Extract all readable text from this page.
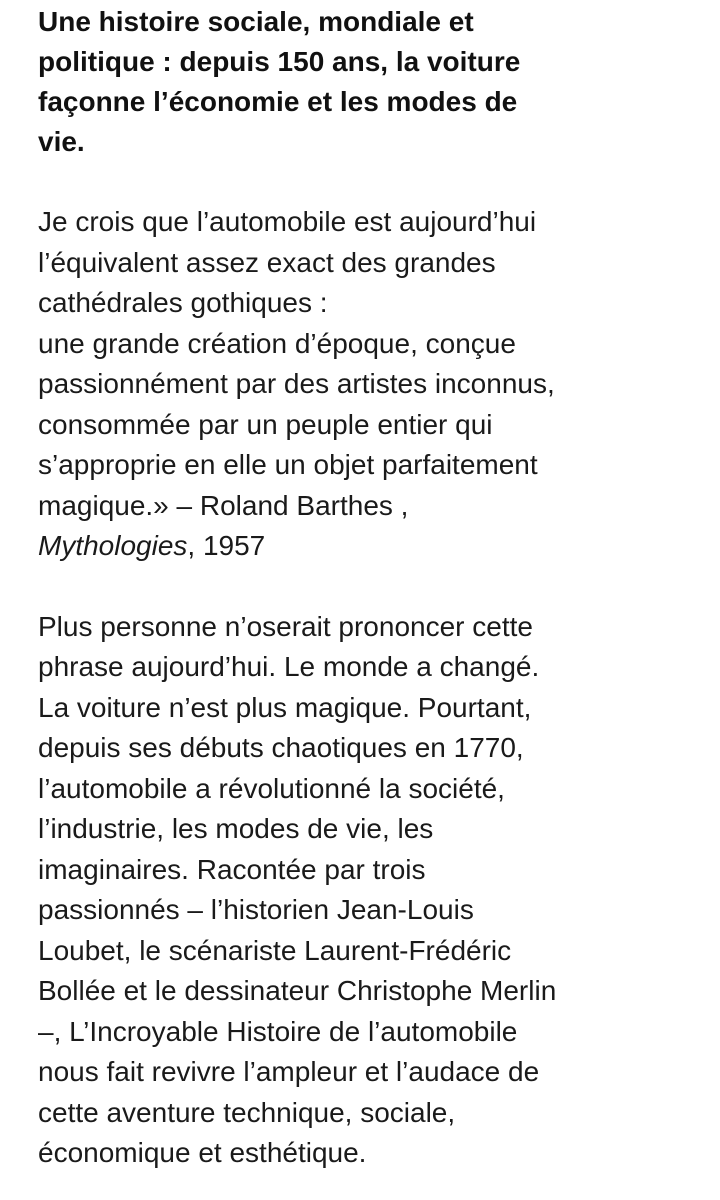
Une histoire sociale, mondiale et
politique : depuis 150 ans, la voiture
façonne l’économie et les modes de
vie.
Je crois que l’automobile est aujourd’hui
l’équivalent assez exact des grandes
cathédrales gothiques :
une grande création d’époque, conçue
passionnément par des artistes inconnus,
consommée par un peuple entier qui
s’approprie en elle un objet parfaitement
magique.» – Roland Barthes ,
Mythologies, 1957
Plus personne n’oserait prononcer cette
phrase aujourd’hui. Le monde a changé.
La voiture n’est plus magique. Pourtant,
depuis ses débuts chaotiques en 1770,
l’automobile a révolutionné la société,
l’industrie, les modes de vie, les
imaginaires. Racontée par trois
passionnés – l’historien Jean-Louis
Loubet, le scénariste Laurent-Frédéric
Bollée et le dessinateur Christophe Merlin
–, L’Incroyable Histoire de l’automobile
nous fait revivre l’ampleur et l’audace de
cette aventure technique, sociale,
économique et esthétique.
